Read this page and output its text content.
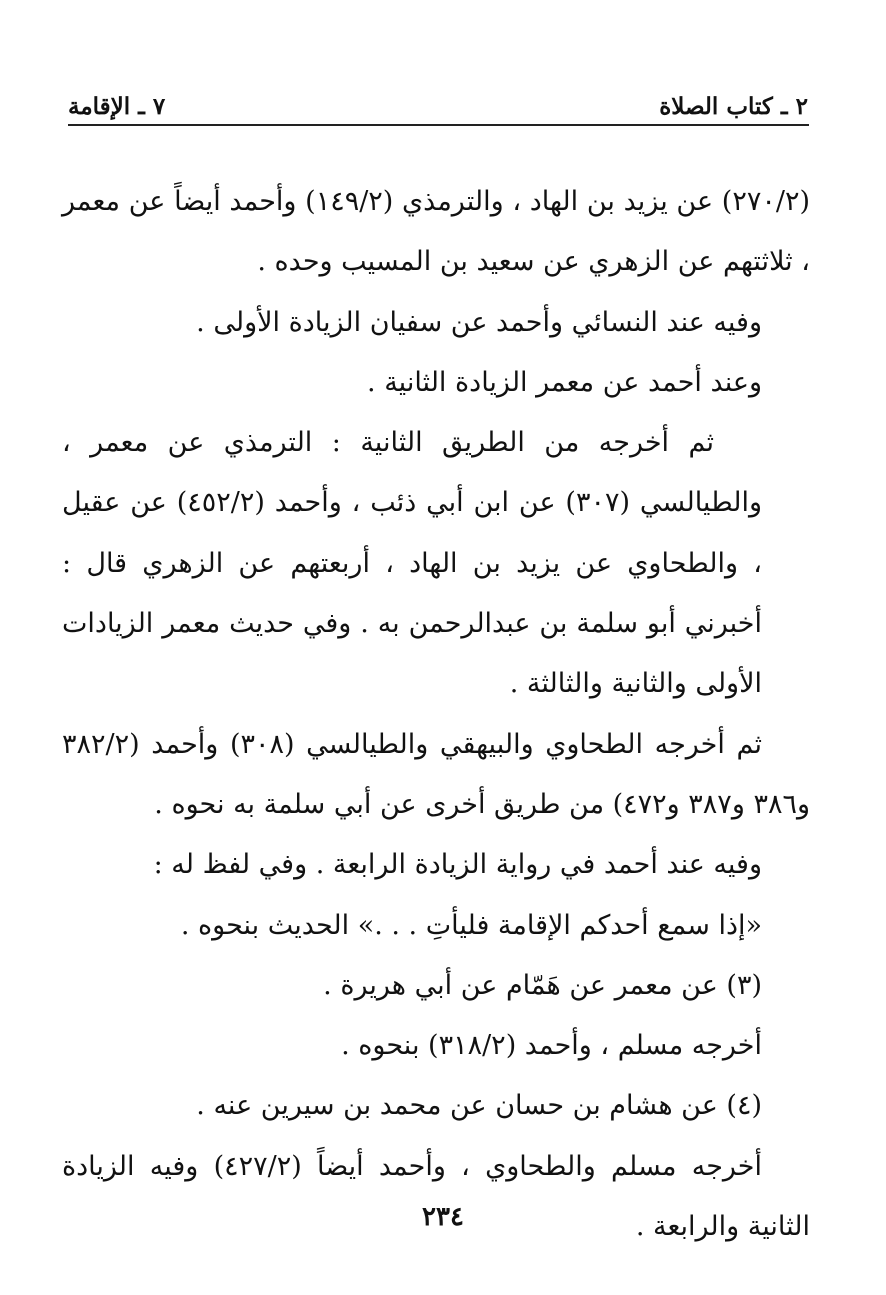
٢ ـ كتاب الصلاة
٧ ـ الإقامة

(٢٧٠/٢) عن يزيد بن الهاد ، والترمذي (١٤٩/٢) وأحمد أيضاً عن معمر ، ثلاثتهم عن الزهري عن سعيد بن المسيب وحده .

وفيه عند النسائي وأحمد عن سفيان الزيادة الأولى .

وعند أحمد عن معمر الزيادة الثانية .

ثم أخرجه من الطريق الثانية : الترمذي عن معمر ، والطيالسي (٣٠٧) عن ابن أبي ذئب ، وأحمد (٤٥٢/٢) عن عقيل ، والطحاوي عن يزيد بن الهاد ، أربعتهم عن الزهري قال : أخبرني أبو سلمة بن عبدالرحمن به . وفي حديث معمر الزيادات الأولى والثانية والثالثة .

ثم أخرجه الطحاوي والبيهقي والطيالسي (٣٠٨) وأحمد (٣٨٢/٢ و٣٨٦ و٣٨٧ و٤٧٢) من طريق أخرى عن أبي سلمة به نحوه .

وفيه عند أحمد في رواية الزيادة الرابعة . وفي لفظ له :

«إذا سمع أحدكم الإقامة فليأتِ . . .» الحديث بنحوه .

(٣) عن معمر عن هَمّام عن أبي هريرة .

أخرجه مسلم ، وأحمد (٣١٨/٢) بنحوه .

(٤) عن هشام بن حسان عن محمد بن سيرين عنه .

أخرجه مسلم والطحاوي ، وأحمد أيضاً (٤٢٧/٢) وفيه الزيادة الثانية والرابعة .

٢٣٤
